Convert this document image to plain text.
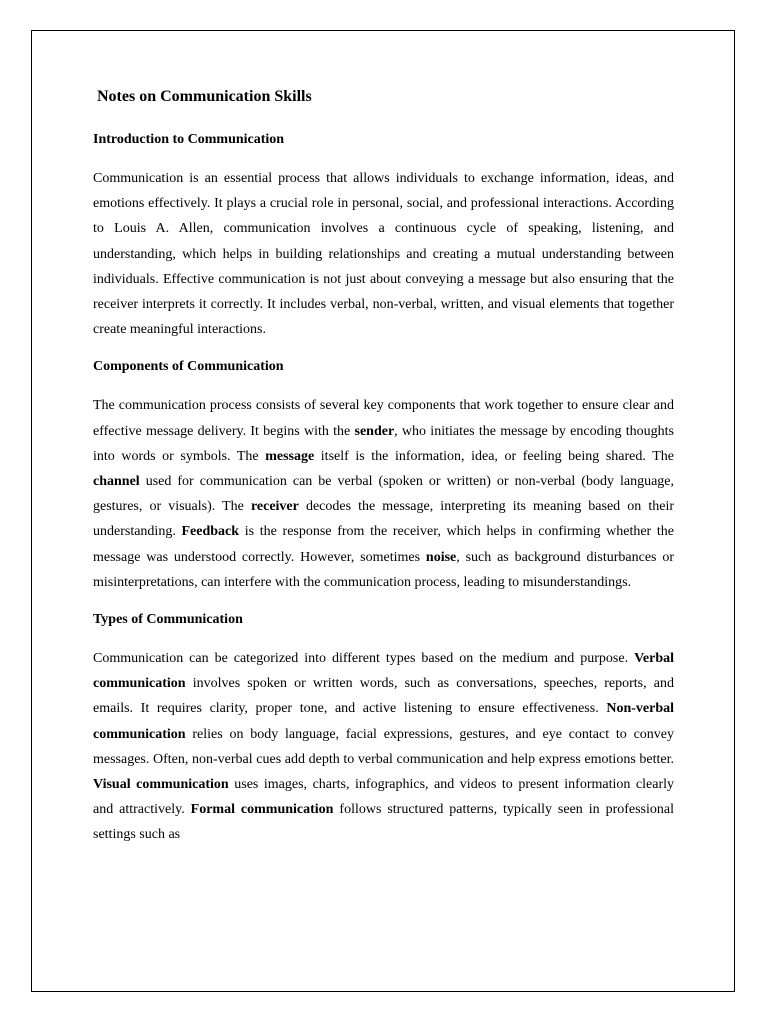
Notes on Communication Skills
Introduction to Communication

Communication is an essential process that allows individuals to exchange information, ideas, and emotions effectively. It plays a crucial role in personal, social, and professional interactions. According to Louis A. Allen, communication involves a continuous cycle of speaking, listening, and understanding, which helps in building relationships and creating a mutual understanding between individuals. Effective communication is not just about conveying a message but also ensuring that the receiver interprets it correctly. It includes verbal, non-verbal, written, and visual elements that together create meaningful interactions.

Components of Communication

The communication process consists of several key components that work together to ensure clear and effective message delivery. It begins with the sender, who initiates the message by encoding thoughts into words or symbols. The message itself is the information, idea, or feeling being shared. The channel used for communication can be verbal (spoken or written) or non-verbal (body language, gestures, or visuals). The receiver decodes the message, interpreting its meaning based on their understanding. Feedback is the response from the receiver, which helps in confirming whether the message was understood correctly. However, sometimes noise, such as background disturbances or misinterpretations, can interfere with the communication process, leading to misunderstandings.

Types of Communication

Communication can be categorized into different types based on the medium and purpose. Verbal communication involves spoken or written words, such as conversations, speeches, reports, and emails. It requires clarity, proper tone, and active listening to ensure effectiveness. Non-verbal communication relies on body language, facial expressions, gestures, and eye contact to convey messages. Often, non-verbal cues add depth to verbal communication and help express emotions better. Visual communication uses images, charts, infographics, and videos to present information clearly and attractively. Formal communication follows structured patterns, typically seen in professional settings such as
